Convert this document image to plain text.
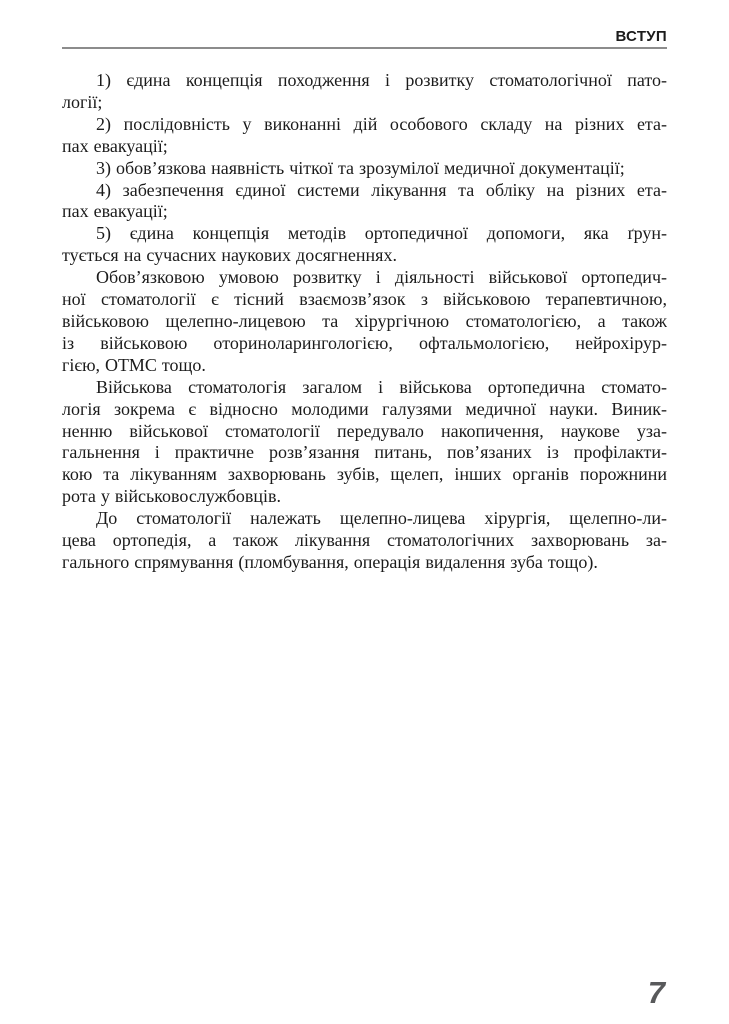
ВСТУП
1) єдина концепція походження і розвитку стоматологічної пато-
логії;
2) послідовність у виконанні дій особового складу на різних ета-
пах евакуації;
3) обов’язкова наявність чіткої та зрозумілої медичної документації;
4) забезпечення єдиної системи лікування та обліку на різних ета-
пах евакуації;
5) єдина концепція методів ортопедичної допомоги, яка ґрун-
тується на сучасних наукових досягненнях.
Обов’язковою умовою розвитку і діяльності військової ортопедич-
ної стоматології є тісний взаємозв’язок з військовою терапевтичною,
військовою щелепно-лицевою та хірургічною стоматологією, а також
із військовою оториноларингологією, офтальмологією, нейрохірур-
гією, ОТМС тощо.
Військова стоматологія загалом і військова ортопедична стомато-
логія зокрема є відносно молодими галузями медичної науки. Виник-
ненню військової стоматології передувало накопичення, наукове уза-
гальнення і практичне розв’язання питань, пов’язаних із профілакти-
кою та лікуванням захворювань зубів, щелеп, інших органів порожнини
рота у військовослужбовців.
До стоматології належать щелепно-лицева хірургія, щелепно-ли-
цева ортопедія, а також лікування стоматологічних захворювань за-
гального спрямування (пломбування, операція видалення зуба тощо).
7
